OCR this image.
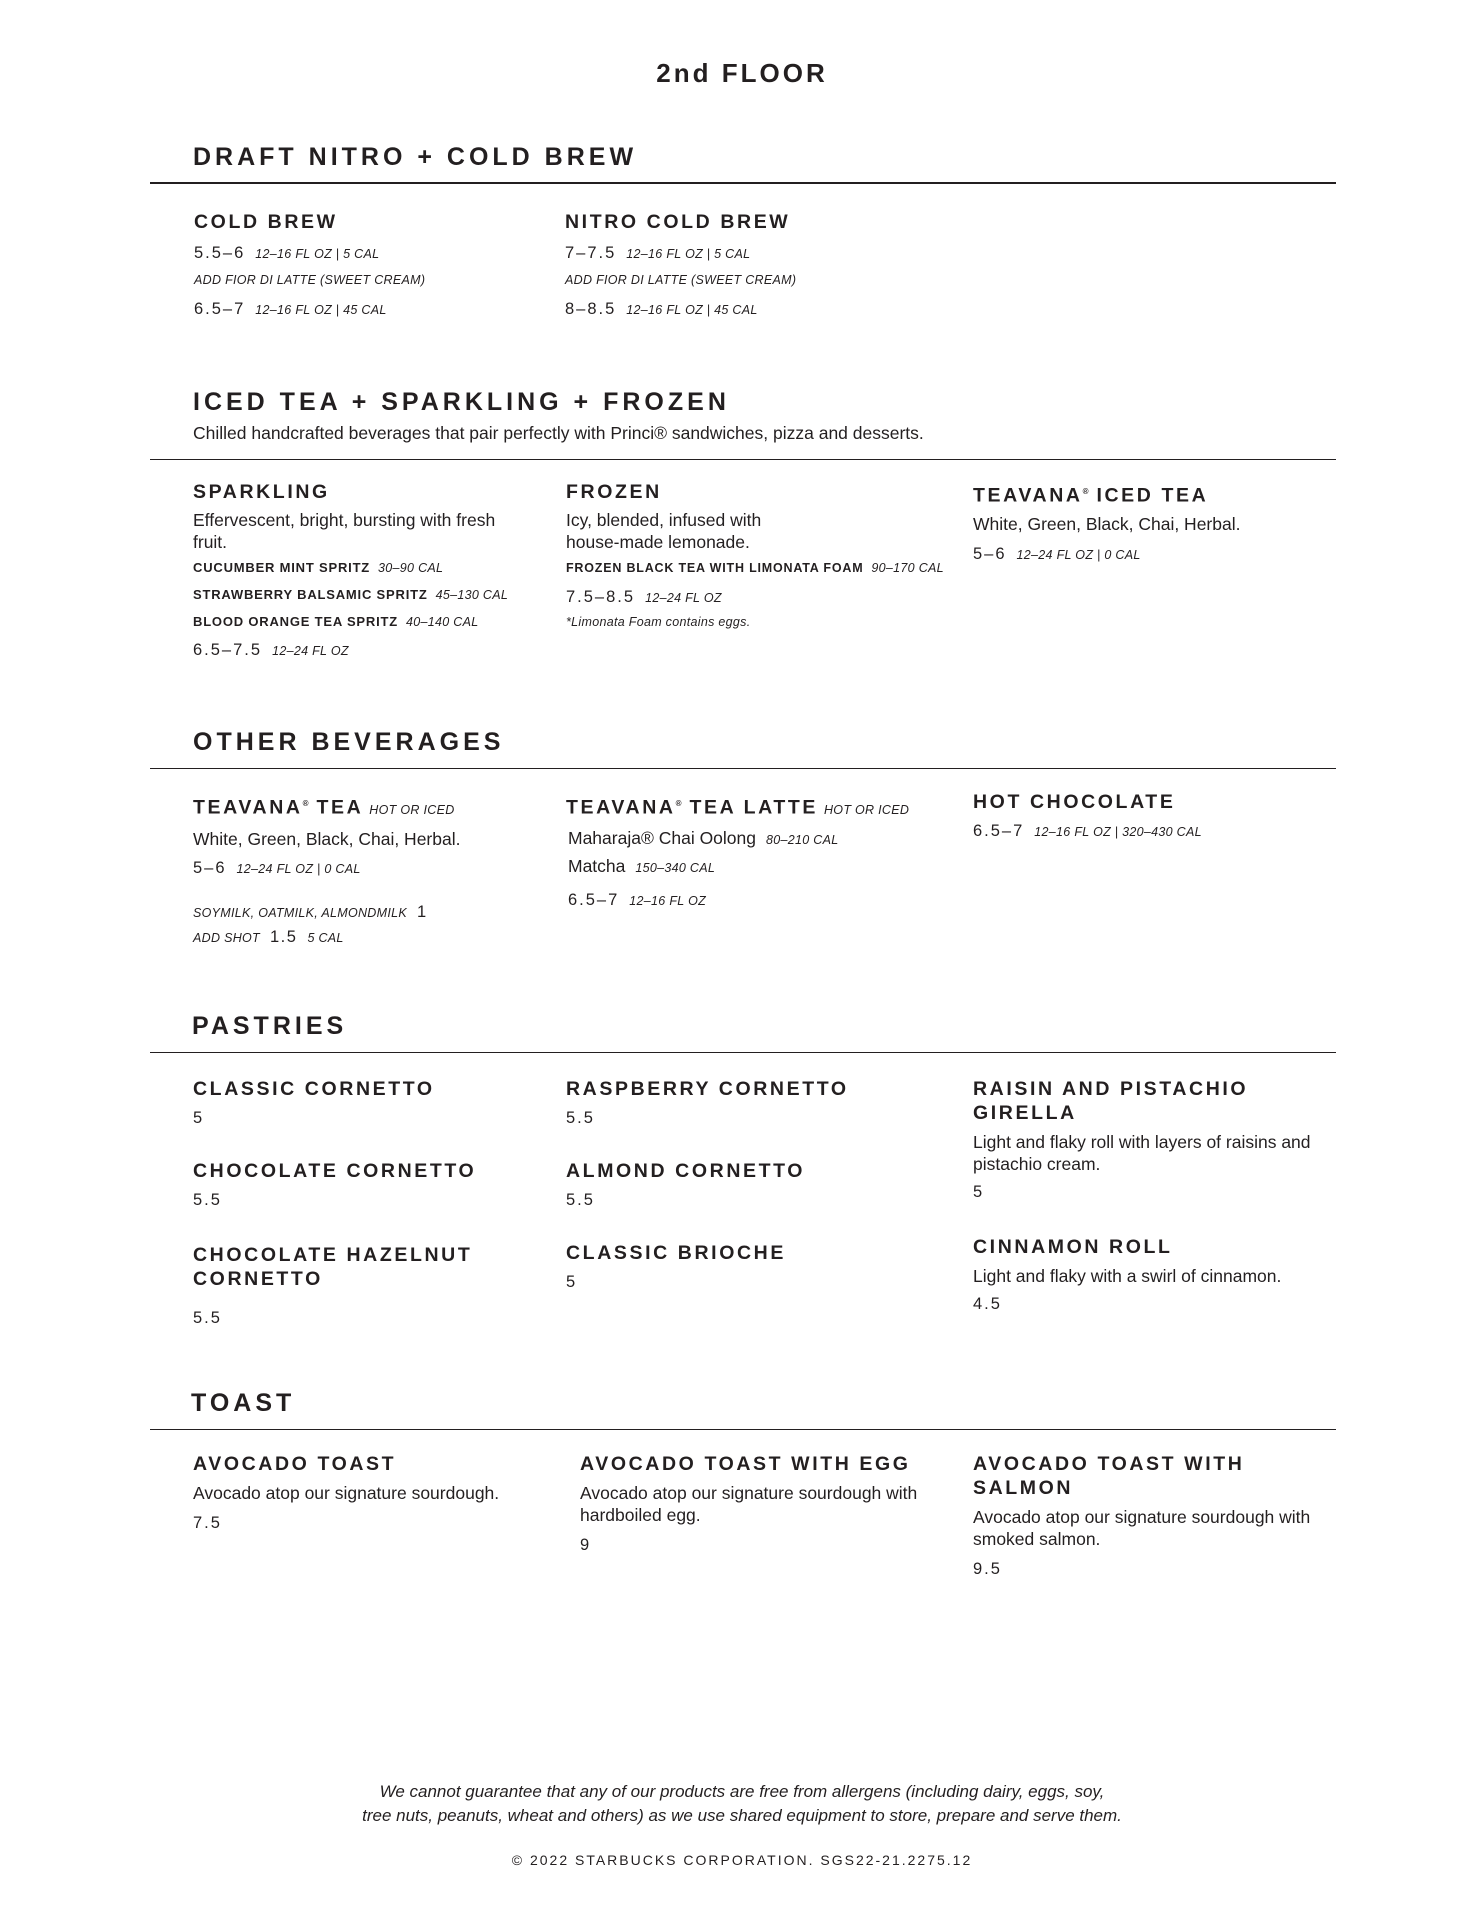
2nd FLOOR
DRAFT NITRO + COLD BREW
COLD BREW
5.5–6 12–16 FL OZ | 5 CAL
ADD FIOR DI LATTE (SWEET CREAM)
6.5–7 12–16 FL OZ | 45 CAL
NITRO COLD BREW
7–7.5 12–16 FL OZ | 5 CAL
ADD FIOR DI LATTE (SWEET CREAM)
8–8.5 12–16 FL OZ | 45 CAL
ICED TEA + SPARKLING + FROZEN
Chilled handcrafted beverages that pair perfectly with Princi® sandwiches, pizza and desserts.
SPARKLING
Effervescent, bright, bursting with fresh fruit.
CUCUMBER MINT SPRITZ 30–90 CAL
STRAWBERRY BALSAMIC SPRITZ 45–130 CAL
BLOOD ORANGE TEA SPRITZ 40–140 CAL
6.5–7.5 12–24 FL OZ
FROZEN
Icy, blended, infused with house-made lemonade.
FROZEN BLACK TEA WITH LIMONATA FOAM 90–170 CAL
7.5–8.5 12–24 FL OZ
*Limonata Foam contains eggs.
TEAVANA® ICED TEA
White, Green, Black, Chai, Herbal.
5–6 12–24 FL OZ | 0 CAL
OTHER BEVERAGES
TEAVANA® TEA HOT OR ICED
White, Green, Black, Chai, Herbal.
5–6 12–24 FL OZ | 0 CAL
SOYMILK, OATMILK, ALMONDMILK 1
ADD SHOT 1.5 5 CAL
TEAVANA® TEA LATTE HOT OR ICED
Maharaja® Chai Oolong 80–210 CAL
Matcha 150–340 CAL
6.5–7 12–16 FL OZ
HOT CHOCOLATE
6.5–7 12–16 FL OZ | 320–430 CAL
PASTRIES
CLASSIC CORNETTO
5
CHOCOLATE CORNETTO
5.5
CHOCOLATE HAZELNUT CORNETTO
5.5
RASPBERRY CORNETTO
5.5
ALMOND CORNETTO
5.5
CLASSIC BRIOCHE
5
RAISIN AND PISTACHIO GIRELLA
Light and flaky roll with layers of raisins and pistachio cream.
5
CINNAMON ROLL
Light and flaky with a swirl of cinnamon.
4.5
TOAST
AVOCADO TOAST
Avocado atop our signature sourdough.
7.5
AVOCADO TOAST WITH EGG
Avocado atop our signature sourdough with hardboiled egg.
9
AVOCADO TOAST WITH SALMON
Avocado atop our signature sourdough with smoked salmon.
9.5
We cannot guarantee that any of our products are free from allergens (including dairy, eggs, soy,
tree nuts, peanuts, wheat and others) as we use shared equipment to store, prepare and serve them.
© 2022 STARBUCKS CORPORATION. SGS22-21.2275.12
